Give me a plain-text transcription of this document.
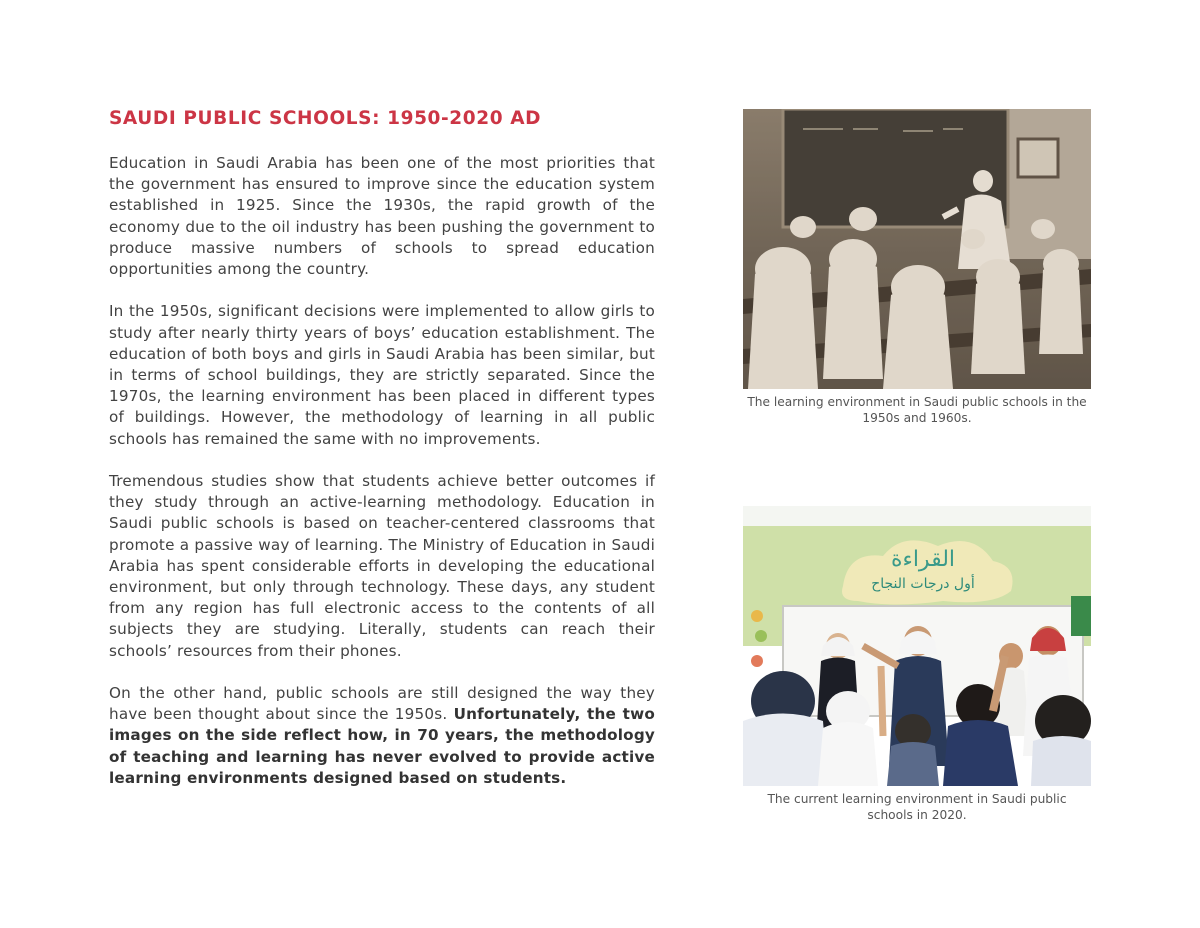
SAUDI PUBLIC SCHOOLS: 1950-2020 AD

Education in Saudi Arabia has been one of the most priorities that the government has ensured to improve since the education system established in 1925. Since the 1930s, the rapid growth of the economy due to the oil industry has been pushing the government to produce massive numbers of schools to spread education opportunities among the country.

In the 1950s, significant decisions were implemented to allow girls to study after nearly thirty years of boys’ education establishment. The education of both boys and girls in Saudi Arabia has been similar, but in terms of school buildings, they are strictly separated. Since the 1970s, the learning environment has been placed in different types of buildings. However, the methodology of learning in all public schools has remained the same with no improvements.

Tremendous studies show that students achieve better outcomes if they study through an active-learning methodology. Education in Saudi public schools is based on teacher-centered classrooms that promote a passive way of learning. The Ministry of Education in Saudi Arabia has spent considerable efforts in developing the educational environment, but only through technology. These days, any student from any region has full electronic access to the contents of all subjects they are studying. Literally, students can reach their schools’ resources from their phones.

On the other hand, public schools are still designed the way they have been thought about since the 1950s. Unfortunately, the two images on the side reflect how, in 70 years, the methodology of teaching and learning has never evolved to provide active learning environments designed based on students.

The learning environment in Saudi public schools in the 1950s and 1960s.
القراءة
أول درجات النجاح
The current learning environment in Saudi public schools in 2020.
